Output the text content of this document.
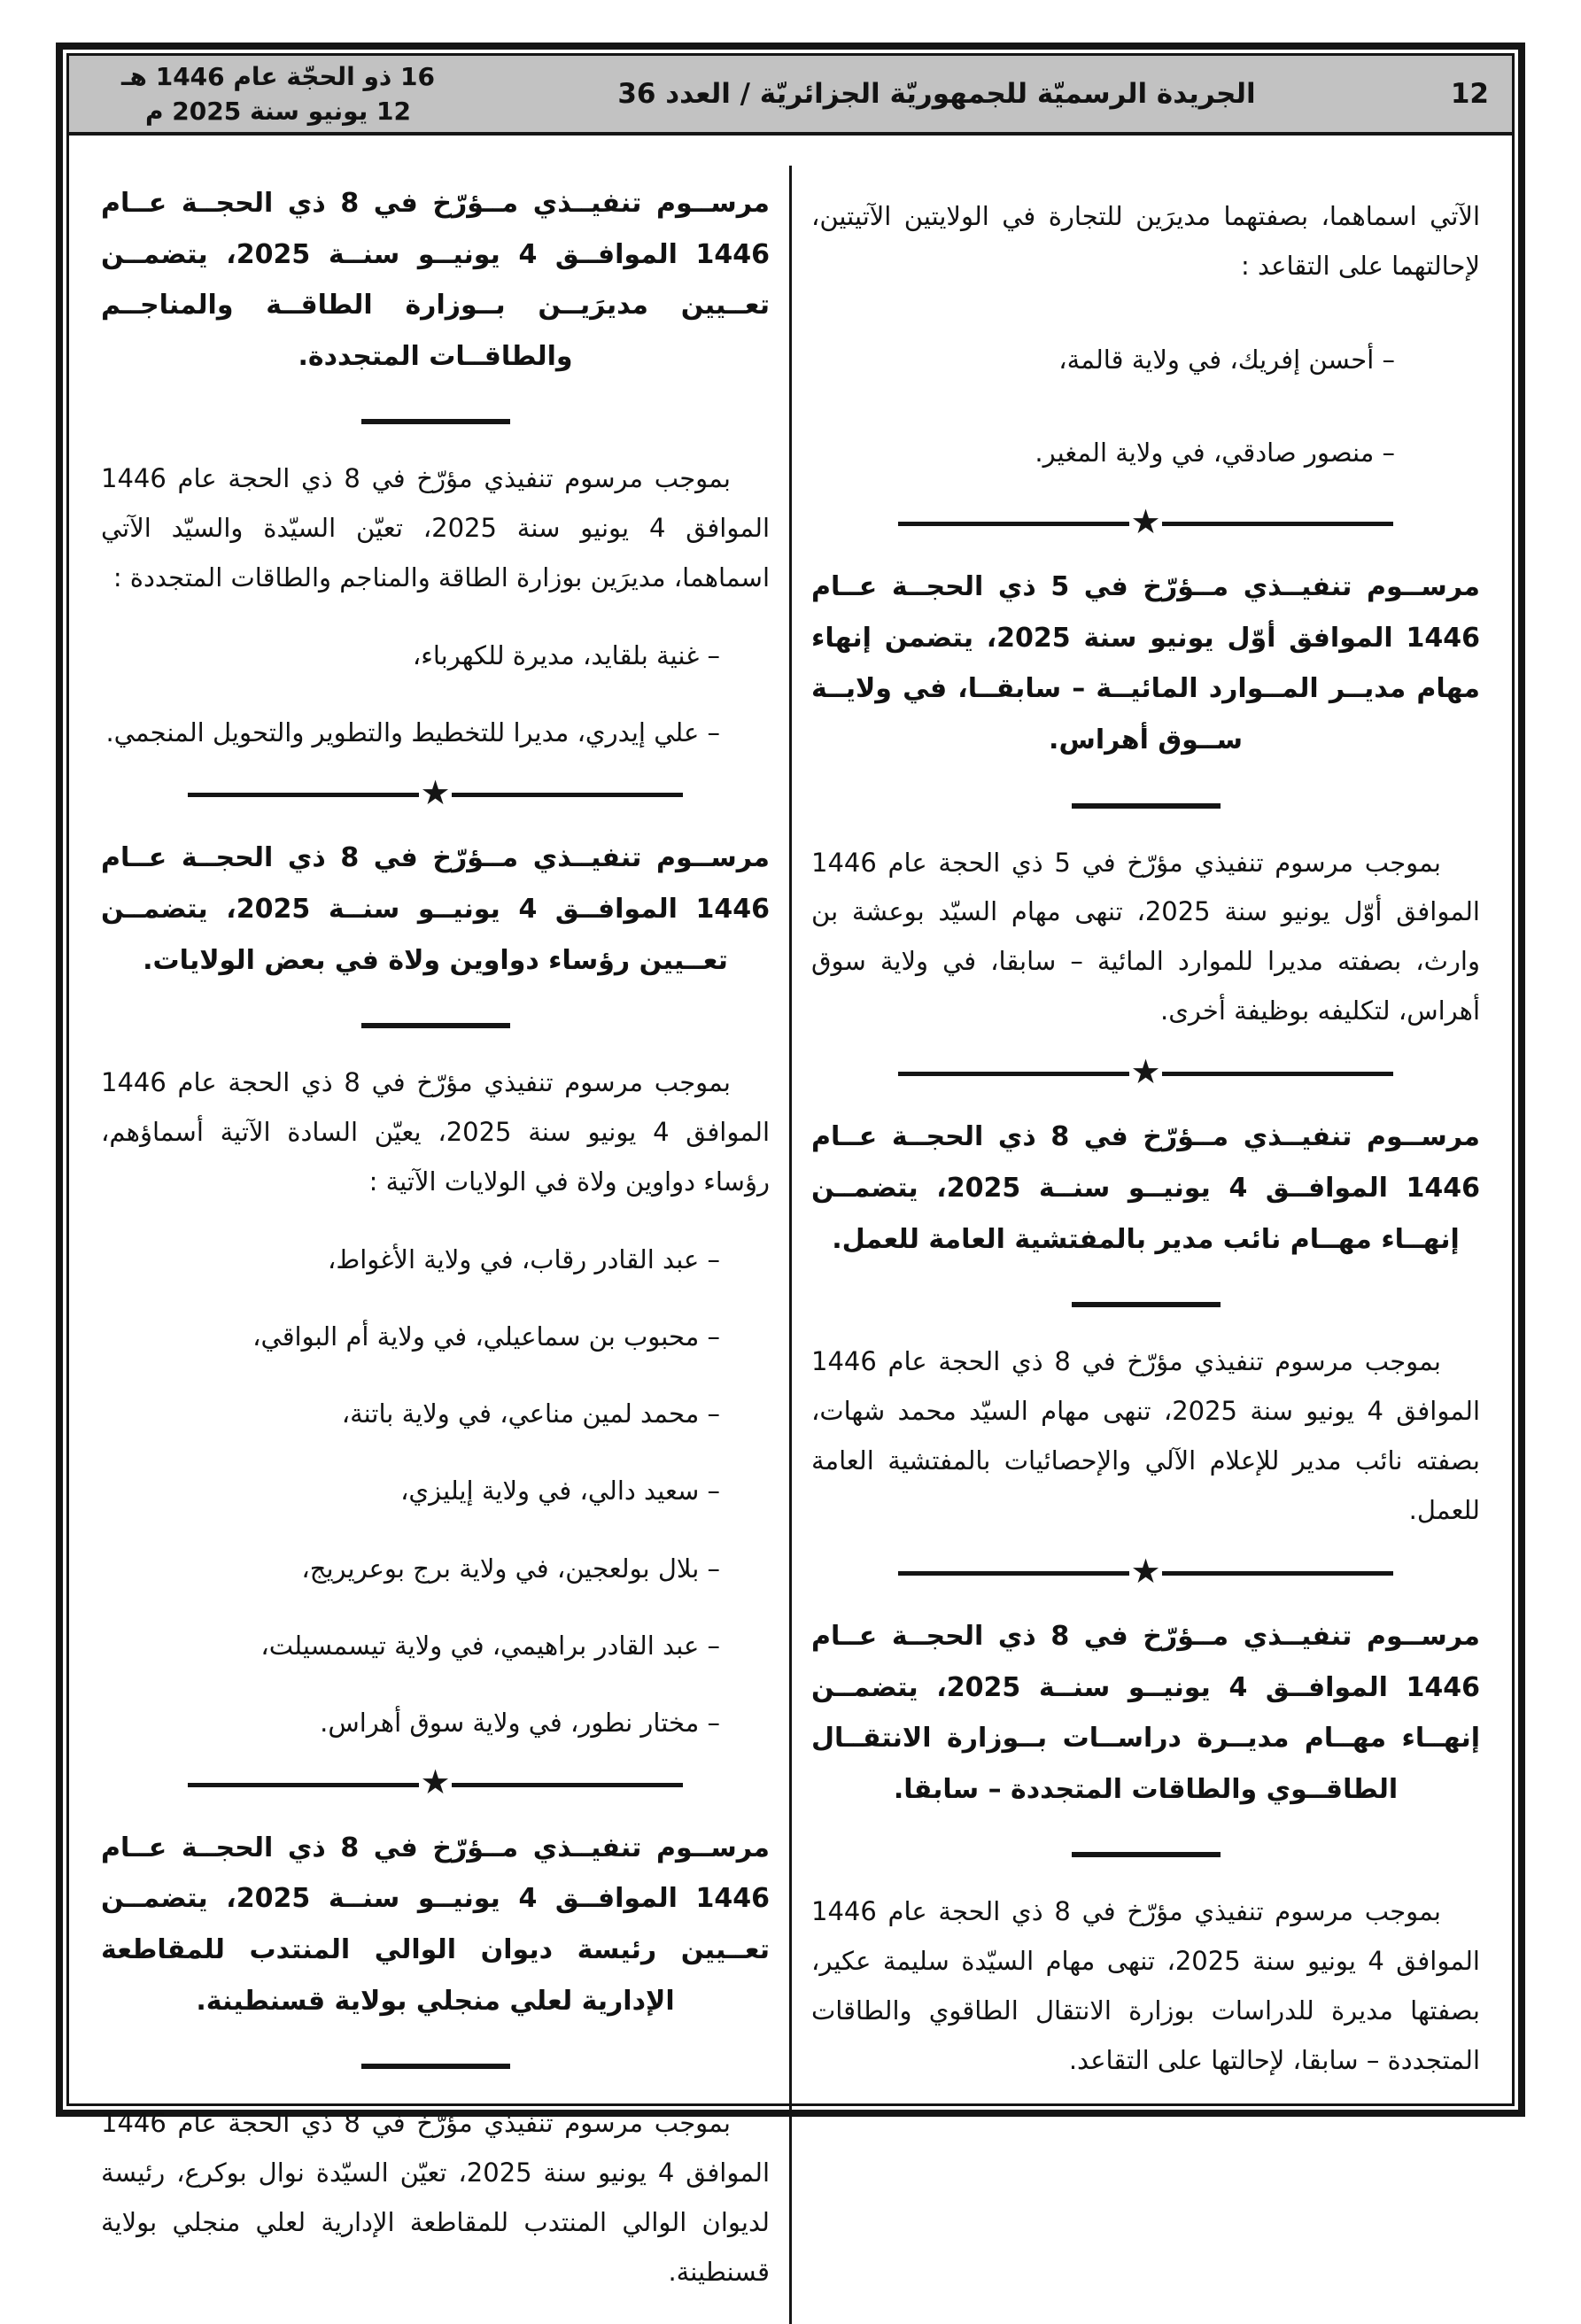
16 ذو الحجّة عام 1446 هـ
12 يونيو سنة 2025 م
الجريدة الرسميّة للجمهوريّة الجزائريّة / العدد 36	12

الآتي اسماهما، بصفتهما مديرَين للتجارة في الولايتين الآتيتين، لإحالتهما على التقاعد :

– أحسن إفريك، في ولاية قالمة،

– منصور صادقي، في ولاية المغير.

★
مرســوم تنفيــذي مــؤرّخ في 5 ذي الحجــة عــام 1446 الموافق أوّل يونيو سنة 2025، يتضمن إنهاء مهام مديــر المــوارد المائيــة – سابقــا، في ولايــة ســوق أهراس.

بموجب مرسوم تنفيذي مؤرّخ في 5 ذي الحجة عام 1446 الموافق أوّل يونيو سنة 2025، تنهى مهام السيّد بوعشة بن وارث، بصفته مديرا للموارد المائية – سابقا، في ولاية سوق أهراس، لتكليفه بوظيفة أخرى.

★
مرســوم تنفيــذي مــؤرّخ في 8 ذي الحجــة عــام 1446 الموافــق 4 يونيــو سنــة 2025، يتضمــن إنهــاء مهــام نائب مدير بالمفتشية العامة للعمل.

بموجب مرسوم تنفيذي مؤرّخ في 8 ذي الحجة عام 1446 الموافق 4 يونيو سنة 2025، تنهى مهام السيّد محمد شهات، بصفته نائب مدير للإعلام الآلي والإحصائيات بالمفتشية العامة للعمل.

★
مرســوم تنفيــذي مــؤرّخ في 8 ذي الحجــة عــام 1446 الموافــق 4 يونيــو سنــة 2025، يتضمــن إنهــاء مهــام مديــرة دراســات بــوزارة الانتقــال الطاقــوي والطاقات المتجددة – سابقا.

بموجب مرسوم تنفيذي مؤرّخ في 8 ذي الحجة عام 1446 الموافق 4 يونيو سنة 2025، تنهى مهام السيّدة سليمة عكير، بصفتها مديرة للدراسات بوزارة الانتقال الطاقوي والطاقات المتجددة – سابقا، لإحالتها على التقاعد.

مرســوم تنفيــذي مــؤرّخ في 8 ذي الحجــة عــام 1446 الموافــق 4 يونيــو سنــة 2025، يتضمــن تعــيين مديرَيــن بــوزارة الطاقــة والمناجــم والطاقــات المتجددة.

بموجب مرسوم تنفيذي مؤرّخ في 8 ذي الحجة عام 1446 الموافق 4 يونيو سنة 2025، تعيّن السيّدة والسيّد الآتي اسماهما، مديرَين بوزارة الطاقة والمناجم والطاقات المتجددة :

– غنية بلقايد، مديرة للكهرباء،

– علي إيدري، مديرا للتخطيط والتطوير والتحويل المنجمي.

★
مرســوم تنفيــذي مــؤرّخ في 8 ذي الحجــة عــام 1446 الموافــق 4 يونيــو سنــة 2025، يتضمــن تعــيين رؤساء دواوين ولاة في بعض الولايات.

بموجب مرسوم تنفيذي مؤرّخ في 8 ذي الحجة عام 1446 الموافق 4 يونيو سنة 2025، يعيّن السادة الآتية أسماؤهم، رؤساء دواوين ولاة في الولايات الآتية :

– عبد القادر رقاب، في ولاية الأغواط،

– محبوب بن سماعيلي، في ولاية أم البواقي،

– محمد لمين مناعي، في ولاية باتنة،

– سعيد دالي، في ولاية إيليزي،

– بلال بولعجين، في ولاية برج بوعريريج،

– عبد القادر براهيمي، في ولاية تيسمسيلت،

– مختار نطور، في ولاية سوق أهراس.

★
مرســوم تنفيــذي مــؤرّخ في 8 ذي الحجــة عــام 1446 الموافــق 4 يونيــو سنــة 2025، يتضمــن تعــيين رئيسة ديوان الوالي المنتدب للمقاطعة الإدارية لعلي منجلي بولاية قسنطينة.

بموجب مرسوم تنفيذي مؤرّخ في 8 ذي الحجة عام 1446 الموافق 4 يونيو سنة 2025، تعيّن السيّدة نوال بوكرع، رئيسة لديوان الوالي المنتدب للمقاطعة الإدارية لعلي منجلي بولاية قسنطينة.
